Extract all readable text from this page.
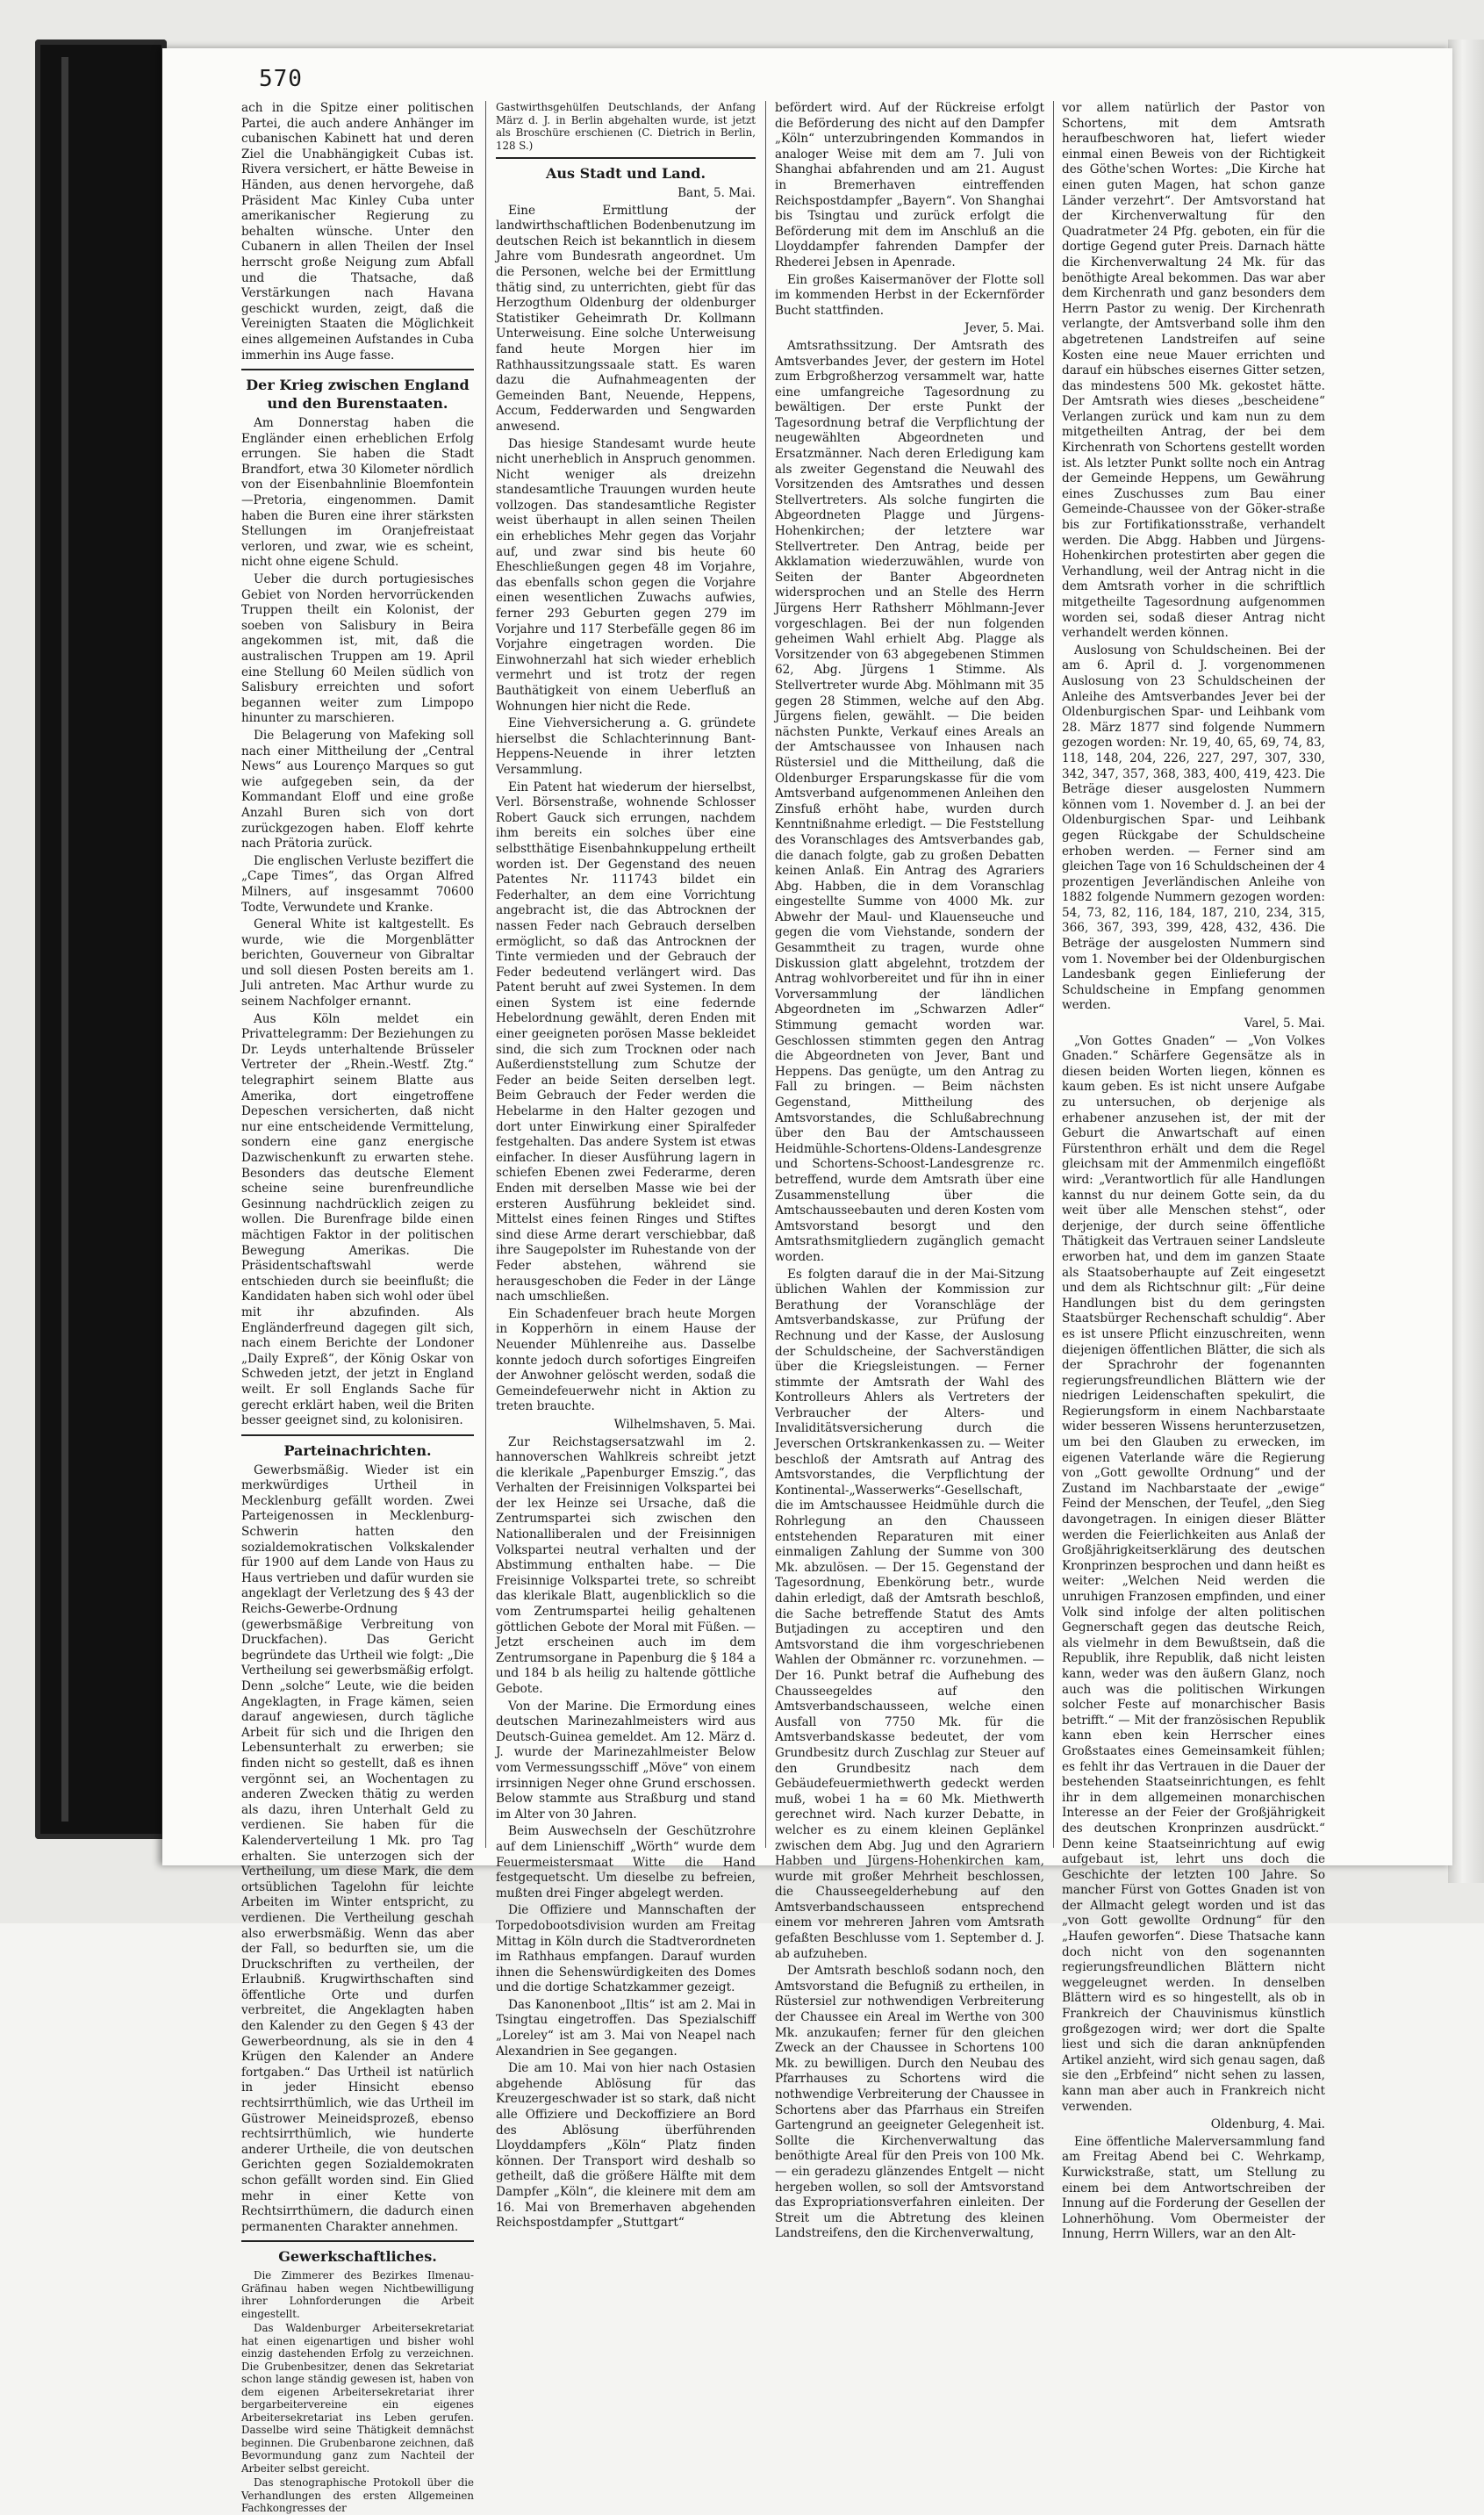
570

ach in die Spitze einer politischen Partei, die auch andere Anhänger im cubanischen Kabinett hat und deren Ziel die Unabhängigkeit Cubas ist. Rivera versichert, er hätte Beweise in Händen, aus denen hervorgehe, daß Präsident Mac Kinley Cuba unter amerikanischer Regierung zu behalten wünsche. Unter den Cubanern in allen Theilen der Insel herrscht große Neigung zum Abfall und die Thatsache, daß Verstärkungen nach Havana geschickt wurden, zeigt, daß die Vereinigten Staaten die Möglichkeit eines allgemeinen Aufstandes in Cuba immerhin ins Auge fasse.

Der Krieg zwischen England und den Burenstaaten.

Am Donnerstag haben die Engländer einen erheblichen Erfolg errungen. Sie haben die Stadt Brandfort, etwa 30 Kilometer nördlich von der Eisenbahnlinie Bloemfontein—Pretoria, eingenommen. Damit haben die Buren eine ihrer stärksten Stellungen im Oranjefreistaat verloren, und zwar, wie es scheint, nicht ohne eigene Schuld.

Ueber die durch portugiesisches Gebiet von Norden hervorrückenden Truppen theilt ein Kolonist, der soeben von Salisbury in Beira angekommen ist, mit, daß die australischen Truppen am 19. April eine Stellung 60 Meilen südlich von Salisbury erreichten und sofort begannen weiter zum Limpopo hinunter zu marschieren.

Die Belagerung von Mafeking soll nach einer Mittheilung der „Central News“ aus Lourenço Marques so gut wie aufgegeben sein, da der Kommandant Eloff und eine große Anzahl Buren sich von dort zurückgezogen haben. Eloff kehrte nach Prätoria zurück.

Die englischen Verluste beziffert die „Cape Times“, das Organ Alfred Milners, auf insgesammt 70600 Todte, Verwundete und Kranke.

General White ist kaltgestellt. Es wurde, wie die Morgenblätter berichten, Gouverneur von Gibraltar und soll diesen Posten bereits am 1. Juli antreten. Mac Arthur wurde zu seinem Nachfolger ernannt.

Aus Köln meldet ein Privattelegramm: Der Beziehungen zu Dr. Leyds unterhaltende Brüsseler Vertreter der „Rhein.-Westf. Ztg.“ telegraphirt seinem Blatte aus Amerika, dort eingetroffene Depeschen versicherten, daß nicht nur eine entscheidende Vermittelung, sondern eine ganz energische Dazwischenkunft zu erwarten stehe. Besonders das deutsche Element scheine seine burenfreundliche Gesinnung nachdrücklich zeigen zu wollen. Die Burenfrage bilde einen mächtigen Faktor in der politischen Bewegung Amerikas. Die Präsidentschaftswahl werde entschieden durch sie beeinflußt; die Kandidaten haben sich wohl oder übel mit ihr abzufinden. Als Engländerfreund dagegen gilt sich, nach einem Berichte der Londoner „Daily Expreß“, der König Oskar von Schweden jetzt, der jetzt in England weilt. Er soll Englands Sache für gerecht erklärt haben, weil die Briten besser geeignet sind, zu kolonisiren.

Parteinachrichten.

Gewerbsmäßig. Wieder ist ein merkwürdiges Urtheil in Mecklenburg gefällt worden. Zwei Parteigenossen in Mecklenburg-Schwerin hatten den sozialdemokratischen Volkskalender für 1900 auf dem Lande von Haus zu Haus vertrieben und dafür wurden sie angeklagt der Verletzung des § 43 der Reichs-Gewerbe-Ordnung (gewerbsmäßige Verbreitung von Druckfachen). Das Gericht begründete das Urtheil wie folgt: „Die Vertheilung sei gewerbsmäßig erfolgt. Denn „solche“ Leute, wie die beiden Angeklagten, in Frage kämen, seien darauf angewiesen, durch tägliche Arbeit für sich und die Ihrigen den Lebensunterhalt zu erwerben; sie finden nicht so gestellt, daß es ihnen vergönnt sei, an Wochentagen zu anderen Zwecken thätig zu werden als dazu, ihren Unterhalt Geld zu verdienen. Sie haben für die Kalenderverteilung 1 Mk. pro Tag erhalten. Sie unterzogen sich der Vertheilung, um diese Mark, die dem ortsüblichen Tagelohn für leichte Arbeiten im Winter entspricht, zu verdienen. Die Vertheilung geschah also erwerbsmäßig. Wenn das aber der Fall, so bedurften sie, um die Druckschriften zu vertheilen, der Erlaubniß. Krugwirthschaften sind öffentliche Orte und durfen verbreitet, die Angeklagten haben den Kalender zu den Gegen § 43 der Gewerbeordnung, als sie in den 4 Krügen den Kalender an Andere fortgaben.“ Das Urtheil ist natürlich in jeder Hinsicht ebenso rechtsirrthümlich, wie das Urtheil im Güstrower Meineidsprozeß, ebenso rechtsirrthümlich, wie hunderte anderer Urtheile, die von deutschen Gerichten gegen Sozialdemokraten schon gefällt worden sind. Ein Glied mehr in einer Kette von Rechtsirrthümern, die dadurch einen permanenten Charakter annehmen.

Gewerkschaftliches.

Die Zimmerer des Bezirkes Ilmenau-Gräfinau haben wegen Nichtbewilligung ihrer Lohnforderungen die Arbeit eingestellt.

Das Waldenburger Arbeitersekretariat hat einen eigenartigen und bisher wohl einzig dastehenden Erfolg zu verzeichnen. Die Grubenbesitzer, denen das Sekretariat schon lange ständig gewesen ist, haben von dem eigenen Arbeitersekretariat ihrer bergarbeitervereine ein eigenes Arbeitersekretariat ins Leben gerufen. Dasselbe wird seine Thätigkeit demnächst beginnen. Die Grubenbarone zeichnen, daß Bevormundung ganz zum Nachteil der Arbeiter selbst gereicht.

Das stenographische Protokoll über die Verhandlungen des ersten Allgemeinen Fachkongresses der

Gastwirthsgehülfen Deutschlands, der Anfang März d. J. in Berlin abgehalten wurde, ist jetzt als Broschüre erschienen (C. Dietrich in Berlin, 128 S.)

Aus Stadt und Land.
Bant, 5. Mai.

Eine Ermittlung der landwirthschaftlichen Bodenbenutzung im deutschen Reich ist bekanntlich in diesem Jahre vom Bundesrath angeordnet. Um die Personen, welche bei der Ermittlung thätig sind, zu unterrichten, giebt für das Herzogthum Oldenburg der oldenburger Statistiker Geheimrath Dr. Kollmann Unterweisung. Eine solche Unterweisung fand heute Morgen hier im Rathhaussitzungssaale statt. Es waren dazu die Aufnahmeagenten der Gemeinden Bant, Neuende, Heppens, Accum, Fedderwarden und Sengwarden anwesend.

Das hiesige Standesamt wurde heute nicht unerheblich in Anspruch genommen. Nicht weniger als dreizehn standesamtliche Trauungen wurden heute vollzogen. Das standesamtliche Register weist überhaupt in allen seinen Theilen ein erhebliches Mehr gegen das Vorjahr auf, und zwar sind bis heute 60 Eheschließungen gegen 48 im Vorjahre, das ebenfalls schon gegen die Vorjahre einen wesentlichen Zuwachs aufwies, ferner 293 Geburten gegen 279 im Vorjahre und 117 Sterbefälle gegen 86 im Vorjahre eingetragen worden. Die Einwohnerzahl hat sich wieder erheblich vermehrt und ist trotz der regen Bauthätigkeit von einem Ueberfluß an Wohnungen hier nicht die Rede.

Eine Viehversicherung a. G. gründete hierselbst die Schlachterinnung Bant-Heppens-Neuende in ihrer letzten Versammlung.

Ein Patent hat wiederum der hierselbst, Verl. Börsenstraße, wohnende Schlosser Robert Gauck sich errungen, nachdem ihm bereits ein solches über eine selbstthätige Eisenbahnkuppelung ertheilt worden ist. Der Gegenstand des neuen Patentes Nr. 111743 bildet ein Federhalter, an dem eine Vorrichtung angebracht ist, die das Abtrocknen der nassen Feder nach Gebrauch derselben ermöglicht, so daß das Antrocknen der Tinte vermieden und der Gebrauch der Feder bedeutend verlängert wird. Das Patent beruht auf zwei Systemen. In dem einen System ist eine federnde Hebelordnung gewählt, deren Enden mit einer geeigneten porösen Masse bekleidet sind, die sich zum Trocknen oder nach Außerdienststellung zum Schutze der Feder an beide Seiten derselben legt. Beim Gebrauch der Feder werden die Hebelarme in den Halter gezogen und dort unter Einwirkung einer Spiralfeder festgehalten. Das andere System ist etwas einfacher. In dieser Ausführung lagern in schiefen Ebenen zwei Federarme, deren Enden mit derselben Masse wie bei der ersteren Ausführung bekleidet sind. Mittelst eines feinen Ringes und Stiftes sind diese Arme derart verschiebbar, daß ihre Saugepolster im Ruhestande von der Feder abstehen, während sie herausgeschoben die Feder in der Länge nach umschließen.

Ein Schadenfeuer brach heute Morgen in Kopperhörn in einem Hause der Neuender Mühlenreihe aus. Dasselbe konnte jedoch durch sofortiges Eingreifen der Anwohner gelöscht werden, sodaß die Gemeindefeuerwehr nicht in Aktion zu treten brauchte.

Wilhelmshaven, 5. Mai.

Zur Reichstagsersatzwahl im 2. hannoverschen Wahlkreis schreibt jetzt die klerikale „Papenburger Emszig.“, das Verhalten der Freisinnigen Volkspartei bei der lex Heinze sei Ursache, daß die Zentrumspartei sich zwischen den Nationalliberalen und der Freisinnigen Volkspartei neutral verhalten und der Abstimmung enthalten habe. — Die Freisinnige Volkspartei trete, so schreibt das klerikale Blatt, augenblicklich so die vom Zentrumspartei heilig gehaltenen göttlichen Gebote der Moral mit Füßen. — Jetzt erscheinen auch im dem Zentrumsorgane in Papenburg die § 184 a und 184 b als heilig zu haltende göttliche Gebote.

Von der Marine. Die Ermordung eines deutschen Marinezahlmeisters wird aus Deutsch-Guinea gemeldet. Am 12. März d. J. wurde der Marinezahlmeister Below vom Vermessungsschiff „Möve“ von einem irrsinnigen Neger ohne Grund erschossen. Below stammte aus Straßburg und stand im Alter von 30 Jahren.

Beim Auswechseln der Geschützrohre auf dem Linienschiff „Wörth“ wurde dem Feuermeistersmaat Witte die Hand festgequetscht. Um dieselbe zu befreien, mußten drei Finger abgelegt werden.

Die Offiziere und Mannschaften der Torpedobootsdivision wurden am Freitag Mittag in Köln durch die Stadtverordneten im Rathhaus empfangen. Darauf wurden ihnen die Sehenswürdigkeiten des Domes und die dortige Schatzkammer gezeigt.

Das Kanonenboot „Iltis“ ist am 2. Mai in Tsingtau eingetroffen. Das Spezialschiff „Loreley“ ist am 3. Mai von Neapel nach Alexandrien in See gegangen.

Die am 10. Mai von hier nach Ostasien abgehende Ablösung für das Kreuzergeschwader ist so stark, daß nicht alle Offiziere und Deckoffiziere an Bord des Ablösung überführenden Lloyddampfers „Köln“ Platz finden können. Der Transport wird deshalb so getheilt, daß die größere Hälfte mit dem Dampfer „Köln“, die kleinere mit dem am 16. Mai von Bremerhaven abgehenden Reichspostdampfer „Stuttgart“

befördert wird. Auf der Rückreise erfolgt die Beförderung des nicht auf den Dampfer „Köln“ unterzubringenden Kommandos in analoger Weise mit dem am 7. Juli von Shanghai abfahrenden und am 21. August in Bremerhaven eintreffenden Reichspostdampfer „Bayern“. Von Shanghai bis Tsingtau und zurück erfolgt die Beförderung mit dem im Anschluß an die Lloyddampfer fahrenden Dampfer der Rhederei Jebsen in Apenrade.

Ein großes Kaisermanöver der Flotte soll im kommenden Herbst in der Eckernförder Bucht stattfinden.

Jever, 5. Mai.

Amtsrathssitzung. Der Amtsrath des Amtsverbandes Jever, der gestern im Hotel zum Erbgroßherzog versammelt war, hatte eine umfangreiche Tagesordnung zu bewältigen. Der erste Punkt der Tagesordnung betraf die Verpflichtung der neugewählten Abgeordneten und Ersatzmänner. Nach deren Erledigung kam als zweiter Gegenstand die Neuwahl des Vorsitzenden des Amtsrathes und dessen Stellvertreters. Als solche fungirten die Abgeordneten Plagge und Jürgens-Hohenkirchen; der letztere war Stellvertreter. Den Antrag, beide per Akklamation wiederzuwählen, wurde von Seiten der Banter Abgeordneten widersprochen und an Stelle des Herrn Jürgens Herr Rathsherr Möhlmann-Jever vorgeschlagen. Bei der nun folgenden geheimen Wahl erhielt Abg. Plagge als Vorsitzender von 63 abgegebenen Stimmen 62, Abg. Jürgens 1 Stimme. Als Stellvertreter wurde Abg. Möhlmann mit 35 gegen 28 Stimmen, welche auf den Abg. Jürgens fielen, gewählt. — Die beiden nächsten Punkte, Verkauf eines Areals an der Amtschaussee von Inhausen nach Rüstersiel und die Mittheilung, daß die Oldenburger Ersparungskasse für die vom Amtsverband aufgenommenen Anleihen den Zinsfuß erhöht habe, wurden durch Kenntnißnahme erledigt. — Die Feststellung des Voranschlages des Amtsverbandes gab, die danach folgte, gab zu großen Debatten keinen Anlaß. Ein Antrag des Agrariers Abg. Habben, die in dem Voranschlag eingestellte Summe von 4000 Mk. zur Abwehr der Maul- und Klauenseuche und gegen die vom Viehstande, sondern der Gesammtheit zu tragen, wurde ohne Diskussion glatt abgelehnt, trotzdem der Antrag wohlvorbereitet und für ihn in einer Vorversammlung der ländlichen Abgeordneten im „Schwarzen Adler“ Stimmung gemacht worden war. Geschlossen stimmten gegen den Antrag die Abgeordneten von Jever, Bant und Heppens. Das genügte, um den Antrag zu Fall zu bringen. — Beim nächsten Gegenstand, Mittheilung des Amtsvorstandes, die Schlußabrechnung über den Bau der Amtschausseen Heidmühle-Schortens-Oldens-Landesgrenze und Schortens-Schoost-Landesgrenze rc. betreffend, wurde dem Amtsrath über eine Zusammenstellung über die Amtschausseebauten und deren Kosten vom Amtsvorstand besorgt und den Amtsrathsmitgliedern zugänglich gemacht worden.

Es folgten darauf die in der Mai-Sitzung üblichen Wahlen der Kommission zur Berathung der Voranschläge der Amtsverbandskasse, zur Prüfung der Rechnung und der Kasse, der Auslosung der Schuldscheine, der Sachverständigen über die Kriegsleistungen. — Ferner stimmte der Amtsrath der Wahl des Kontrolleurs Ahlers als Vertreters der Verbraucher der Alters- und Invaliditätsversicherung durch die Jeverschen Ortskrankenkassen zu. — Weiter beschloß der Amtsrath auf Antrag des Amtsvorstandes, die Verpflichtung der Kontinental-„Wasserwerks“-Gesellschaft, die im Amtschaussee Heidmühle durch die Rohrlegung an den Chausseen entstehenden Reparaturen mit einer einmaligen Zahlung der Summe von 300 Mk. abzulösen. — Der 15. Gegenstand der Tagesordnung, Ebenkörung betr., wurde dahin erledigt, daß der Amtsrath beschloß, die Sache betreffende Statut des Amts Butjadingen zu acceptiren und den Amtsvorstand die ihm vorgeschriebenen Wahlen der Obmänner rc. vorzunehmen. — Der 16. Punkt betraf die Aufhebung des Chausseegeldes auf den Amtsverbandschausseen, welche einen Ausfall von 7750 Mk. für die Amtsverbandskasse bedeutet, der vom Grundbesitz durch Zuschlag zur Steuer auf den Grundbesitz nach dem Gebäudefeuermiethwerth gedeckt werden muß, wobei 1 ha = 60 Mk. Miethwerth gerechnet wird. Nach kurzer Debatte, in welcher es zu einem kleinen Geplänkel zwischen dem Abg. Jug und den Agrariern Habben und Jürgens-Hohenkirchen kam, wurde mit großer Mehrheit beschlossen, die Chausseegelderhebung auf den Amtsverbandschausseen entsprechend einem vor mehreren Jahren vom Amtsrath gefaßten Beschlusse vom 1. September d. J. ab aufzuheben.

Der Amtsrath beschloß sodann noch, den Amtsvorstand die Befugniß zu ertheilen, in Rüstersiel zur nothwendigen Verbreiterung der Chaussee ein Areal im Werthe von 300 Mk. anzukaufen; ferner für den gleichen Zweck an der Chaussee in Schortens 100 Mk. zu bewilligen. Durch den Neubau des Pfarrhauses zu Schortens wird die nothwendige Verbreiterung der Chaussee in Schortens aber das Pfarrhaus ein Streifen Gartengrund an geeigneter Gelegenheit ist. Sollte die Kirchenverwaltung das benöthigte Areal für den Preis von 100 Mk. — ein geradezu glänzendes Entgelt — nicht hergeben wollen, so soll der Amtsvorstand das Expropriationsverfahren einleiten. Der Streit um die Abtretung des kleinen Landstreifens, den die Kirchenverwaltung,

vor allem natürlich der Pastor von Schortens, mit dem Amtsrath heraufbeschworen hat, liefert wieder einmal einen Beweis von der Richtigkeit des Göthe'schen Wortes: „Die Kirche hat einen guten Magen, hat schon ganze Länder verzehrt“. Der Amtsvorstand hat der Kirchenverwaltung für den Quadratmeter 24 Pfg. geboten, ein für die dortige Gegend guter Preis. Darnach hätte die Kirchenverwaltung 24 Mk. für das benöthigte Areal bekommen. Das war aber dem Kirchenrath und ganz besonders dem Herrn Pastor zu wenig. Der Kirchenrath verlangte, der Amtsverband solle ihm den abgetretenen Landstreifen auf seine Kosten eine neue Mauer errichten und darauf ein hübsches eisernes Gitter setzen, das mindestens 500 Mk. gekostet hätte. Der Amtsrath wies dieses „bescheidene“ Verlangen zurück und kam nun zu dem mitgetheilten Antrag, der bei dem Kirchenrath von Schortens gestellt worden ist. Als letzter Punkt sollte noch ein Antrag der Gemeinde Heppens, um Gewährung eines Zuschusses zum Bau einer Gemeinde-Chaussee von der Göker-straße bis zur Fortifikationsstraße, verhandelt werden. Die Abgg. Habben und Jürgens-Hohenkirchen protestirten aber gegen die Verhandlung, weil der Antrag nicht in die dem Amtsrath vorher in die schriftlich mitgetheilte Tagesordnung aufgenommen worden sei, sodaß dieser Antrag nicht verhandelt werden können.

Auslosung von Schuldscheinen. Bei der am 6. April d. J. vorgenommenen Auslosung von 23 Schuldscheinen der Anleihe des Amtsverbandes Jever bei der Oldenburgischen Spar- und Leihbank vom 28. März 1877 sind folgende Nummern gezogen worden: Nr. 19, 40, 65, 69, 74, 83, 118, 148, 204, 226, 227, 297, 307, 330, 342, 347, 357, 368, 383, 400, 419, 423. Die Beträge dieser ausgelosten Nummern können vom 1. November d. J. an bei der Oldenburgischen Spar- und Leihbank gegen Rückgabe der Schuldscheine erhoben werden. — Ferner sind am gleichen Tage von 16 Schuldscheinen der 4 prozentigen Jeverländischen Anleihe von 1882 folgende Nummern gezogen worden: 54, 73, 82, 116, 184, 187, 210, 234, 315, 366, 367, 393, 399, 428, 432, 436. Die Beträge der ausgelosten Nummern sind vom 1. November bei der Oldenburgischen Landesbank gegen Einlieferung der Schuldscheine in Empfang genommen werden.

Varel, 5. Mai.

„Von Gottes Gnaden“ — „Von Volkes Gnaden.“ Schärfere Gegensätze als in diesen beiden Worten liegen, können es kaum geben. Es ist nicht unsere Aufgabe zu untersuchen, ob derjenige als erhabener anzusehen ist, der mit der Geburt die Anwartschaft auf einen Fürstenthron erhält und dem die Regel gleichsam mit der Ammenmilch eingeflößt wird: „Verantwortlich für alle Handlungen kannst du nur deinem Gotte sein, da du weit über alle Menschen stehst“, oder derjenige, der durch seine öffentliche Thätigkeit das Vertrauen seiner Landsleute erworben hat, und dem im ganzen Staate als Staatsoberhaupte auf Zeit eingesetzt und dem als Richtschnur gilt: „Für deine Handlungen bist du dem geringsten Staatsbürger Rechenschaft schuldig“. Aber es ist unsere Pflicht einzuschreiten, wenn diejenigen öffentlichen Blätter, die sich als der Sprachrohr der fogenannten regierungsfreundlichen Blättern wie der niedrigen Leidenschaften spekulirt, die Regierungsform in einem Nachbarstaate wider besseren Wissens herunterzusetzen, um bei den Glauben zu erwecken, im eigenen Vaterlande wäre die Regierung von „Gott gewollte Ordnung“ und der Zustand im Nachbarstaate der „ewige“ Feind der Menschen, der Teufel, „den Sieg davongetragen. In einigen dieser Blätter werden die Feierlichkeiten aus Anlaß der Großjährigkeitserklärung des deutschen Kronprinzen besprochen und dann heißt es weiter: „Welchen Neid werden die unruhigen Franzosen empfinden, und einer Volk sind infolge der alten politischen Gegnerschaft gegen das deutsche Reich, als vielmehr in dem Bewußtsein, daß die Republik, ihre Republik, daß nicht leisten kann, weder was den äußern Glanz, noch auch was die politischen Wirkungen solcher Feste auf monarchischer Basis betrifft.“ — Mit der französischen Republik kann eben kein Herrscher eines Großstaates eines Gemeinsamkeit fühlen; es fehlt ihr das Vertrauen in die Dauer der bestehenden Staatseinrichtungen, es fehlt ihr in dem allgemeinen monarchischen Interesse an der Feier der Großjährigkeit des deutschen Kronprinzen ausdrückt.“ Denn keine Staatseinrichtung auf ewig aufgebaut ist, lehrt uns doch die Geschichte der letzten 100 Jahre. So mancher Fürst von Gottes Gnaden ist von der Allmacht gelegt worden und ist das „von Gott gewollte Ordnung“ für den „Haufen geworfen“. Diese Thatsache kann doch nicht von den sogenannten regierungsfreundlichen Blättern nicht weggeleugnet werden. In denselben Blättern wird es so hingestellt, als ob in Frankreich der Chauvinismus künstlich großgezogen wird; wer dort die Spalte liest und sich die daran anknüpfenden Artikel anzieht, wird sich genau sagen, daß sie den „Erbfeind“ nicht sehen zu lassen, kann man aber auch in Frankreich nicht verwenden.

Oldenburg, 4. Mai.

Eine öffentliche Malerversammlung fand am Freitag Abend bei C. Wehrkamp, Kurwickstraße, statt, um Stellung zu einem bei dem Antwortschreiben der Innung auf die Forderung der Gesellen der Lohnerhöhung. Vom Obermeister der Innung, Herrn Willers, war an den Alt-
